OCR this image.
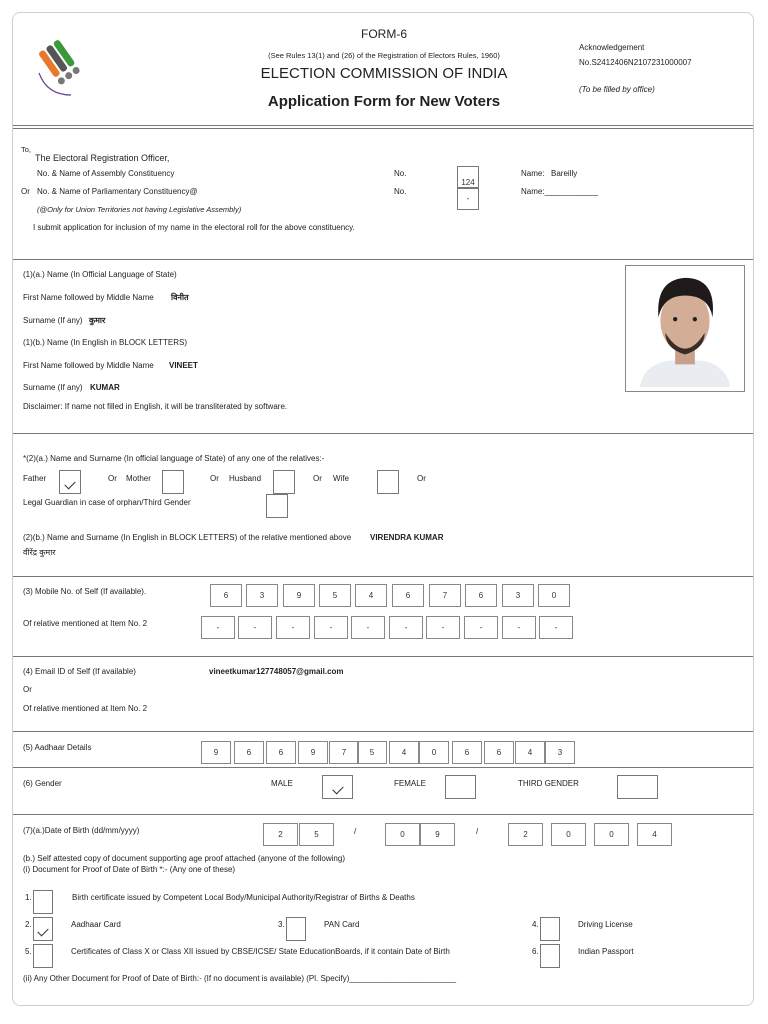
FORM-6
(See Rules 13(1) and (26) of the Registration of Electors Rules, 1960)
ELECTION COMMISSION OF INDIA
Application Form for New Voters
Acknowledgement
No.S2412406N2107231000007
(To be filled by office)
To,
The Electoral Registration Officer,
No. & Name of Assembly Constituency	No.
124
Name: Bareilly
Or No. & Name of Parliamentary Constituency@	No.
-
Name:____________
(@Only for Union Territories not having Legislative Assembly)
I submit application for inclusion of my name in the electoral roll for the above constituency.
(1)(a.) Name (In Official Language of State)
First Name followed by Middle Name विनीत
Surname (If any) कुमार
(1)(b.) Name (In English in BLOCK LETTERS)
First Name followed by Middle Name VINEET
Surname (If any) KUMAR
Disclaimer: If name not filled in English, it will be transliterated by software.
*(2)(a.) Name and Surname (In official language of State) of any one of the relatives:-
Father	Or Mother	Or Husband	Or Wife	Or
Legal Guardian in case of orphan/Third Gender
(2)(b.) Name and Surname (In English in BLOCK LETTERS) of the relative mentioned above VIRENDRA KUMAR
वीरेंद्र कुमार
(3) Mobile No. of Self (If available).	6	3	9	5	4	6	7	6	3	0
Of relative mentioned at Item No. 2	-	-	-	-	-	-	-	-	-	-
(4) Email ID of Self (If available)	vineetkumar127748057@gmail.com
Or
Of relative mentioned at Item No. 2
(5) Aadhaar Details
9	6	6	9	7	5	4	0	6	6	4	3
(6) Gender	MALE	FEMALE	THIRD GENDER
(7)(a.)Date of Birth (dd/mm/yyyy)	2	5	0	9	2	0	0	4
/	/
(b.) Self attested copy of document supporting age proof attached (anyone of the following)
(i) Document for Proof of Date of Birth *:- (Any one of these)
1.	Birth certificate issued by Competent Local Body/Municipal Authority/Registrar of Births & Deaths
2.	Aadhaar Card	3.	PAN Card	4.	Driving License
5.	Certificates of Class X or Class XII issued by CBSE/ICSE/ State EducationBoards, if it contain Date of Birth	6.	Indian Passport
(ii) Any Other Document for Proof of Date of Birth:- (If no document is available) (Pl. Specify)________________________
